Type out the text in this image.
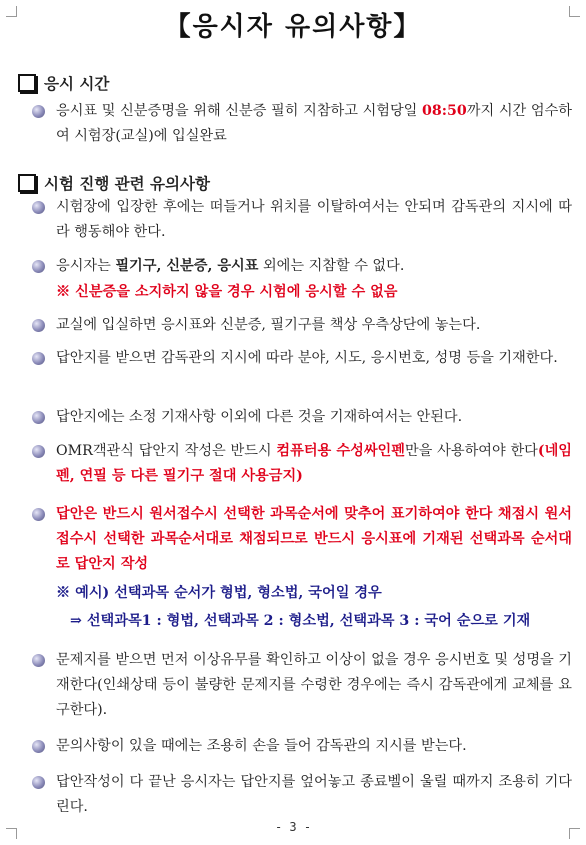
【응시자 유의사항】
응시 시간
응시표 및 신분증명을 위해 신분증 필히 지참하고 시험당일 08:50까지 시간 엄수하여 시험장(교실)에 입실완료
시험 진행 관련 유의사항
시험장에 입장한 후에는 떠들거나 위치를 이탈하여서는 안되며 감독관의 지시에 따라 행동해야 한다.
응시자는 필기구, 신분증, 응시표 외에는 지참할 수 없다.
※ 신분증을 소지하지 않을 경우 시험에 응시할 수 없음
교실에 입실하면 응시표와 신분증, 필기구를 책상 우측상단에 놓는다.
답안지를 받으면 감독관의 지시에 따라 분야, 시도, 응시번호, 성명 등을 기재한다.
답안지에는 소정 기재사항 이외에 다른 것을 기재하여서는 안된다.
OMR객관식 답안지 작성은 반드시 컴퓨터용 수성싸인펜만을 사용하여야 한다(네임펜, 연필 등 다른 필기구 절대 사용금지)
답안은 반드시 원서접수시 선택한 과목순서에 맞추어 표기하여야 한다 채점시 원서접수시 선택한 과목순서대로 채점되므로 반드시 응시표에 기재된 선택과목 순서대로 답안지 작성
※ 예시) 선택과목 순서가 형법, 형소법, 국어일 경우
⇒ 선택과목1 : 형법, 선택과목 2 : 형소법, 선택과목 3 : 국어 순으로 기재
문제지를 받으면 먼저 이상유무를 확인하고 이상이 없을 경우 응시번호 및 성명을 기재한다(인쇄상태 등이 불량한 문제지를 수령한 경우에는 즉시 감독관에게 교체를 요구한다).
문의사항이 있을 때에는 조용히 손을 들어 감독관의 지시를 받는다.
답안작성이 다 끝난 응시자는 답안지를 엎어놓고 종료벨이 울릴 때까지 조용히 기다린다.
- 3 -
